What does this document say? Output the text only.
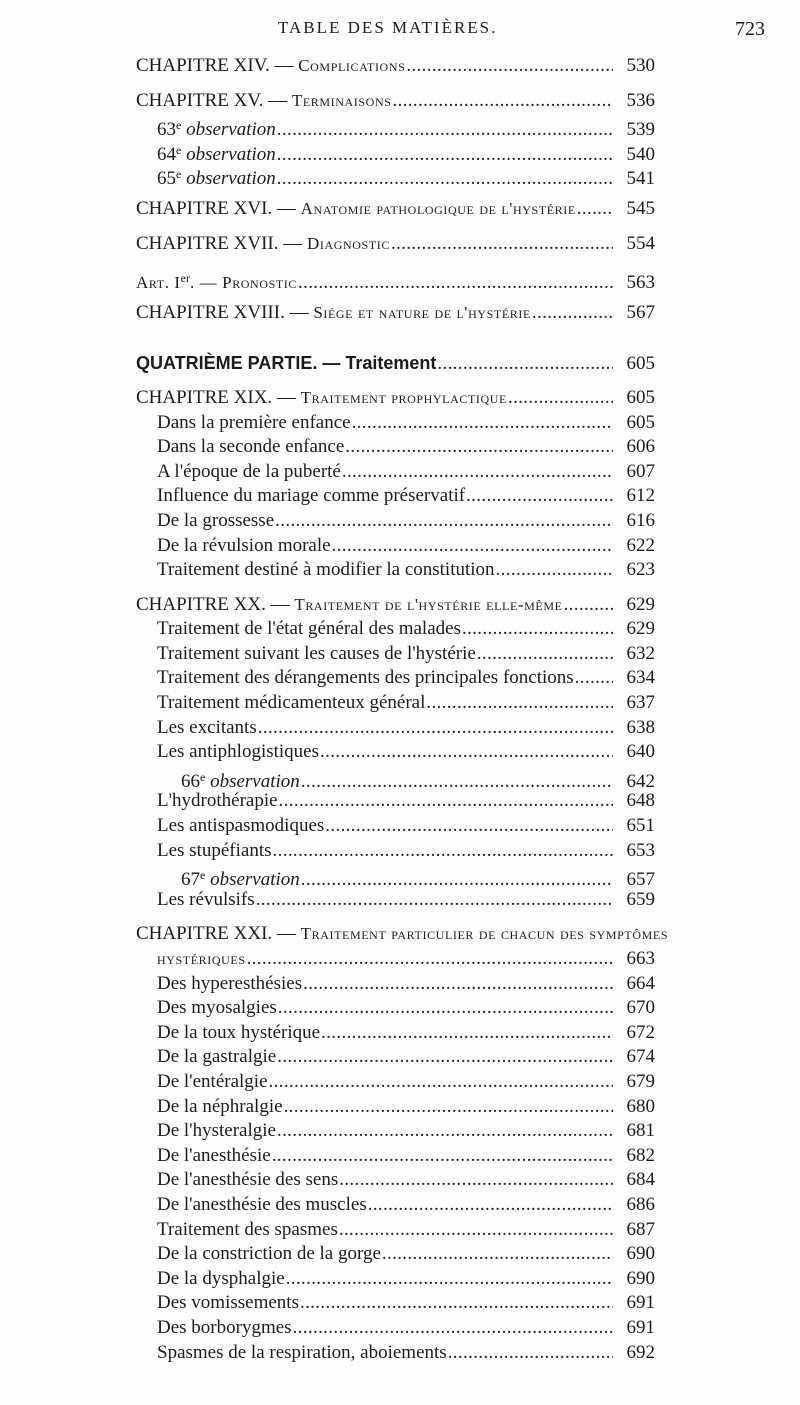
TABLE DES MATIÈRES.	723
CHAPITRE XIV. — Complications . . .	530
CHAPITRE XV. — Terminaisons . . .	536
63e observation . . .	539
64e observation . . .	540
65e observation . . .	541
CHAPITRE XVI. — Anatomie pathologique de l'hystérie . . .	545
CHAPITRE XVII. — Diagnostic . . .	554
Art. Ier. — Pronostic . . .	563
CHAPITRE XVIII. — Siége et nature de l'hystérie . . .	567
QUATRIÈME PARTIE. — Traitement . . .	605
CHAPITRE XIX. — Traitement prophylactique . . .	605
Dans la première enfance . . .	605
Dans la seconde enfance . . .	606
A l'époque de la puberté . . .	607
Influence du mariage comme préservatif . . .	612
De la grossesse . . .	616
De la révulsion morale . . .	622
Traitement destiné à modifier la constitution . . .	623
CHAPITRE XX. — Traitement de l'hystérie elle-même . . .	629
Traitement de l'état général des malades . . .	629
Traitement suivant les causes de l'hystérie . . .	632
Traitement des dérangements des principales fonctions . . .	634
Traitement médicamenteux général . . .	637
Les excitants . . .	638
Les antiphlogistiques . . .	640
66e observation . . .	642
L'hydrothérapie . . .	648
Les antispasmodiques . . .	651
Les stupéfiants . . .	653
67e observation . . .	657
Les révulsifs . . .	659
CHAPITRE XXI. — Traitement particulier de chacun des symptômes
hystériques . . .	663
Des hyperesthésies . . .	664
Des myosalgies . . .	670
De la toux hystérique . . .	672
De la gastralgie . . .	674
De l'entéralgie . . .	679
De la néphralgie . . .	680
De l'hysteralgie . . .	681
De l'anesthésie . . .	682
De l'anesthésie des sens . . .	684
De l'anesthésie des muscles . . .	686
Traitement des spasmes . . .	687
De la constriction de la gorge . . .	690
De la dysphalgie . . .	690
Des vomissements . . .	691
Des borborygmes . . .	691
Spasmes de la respiration, aboiements . . .	692
